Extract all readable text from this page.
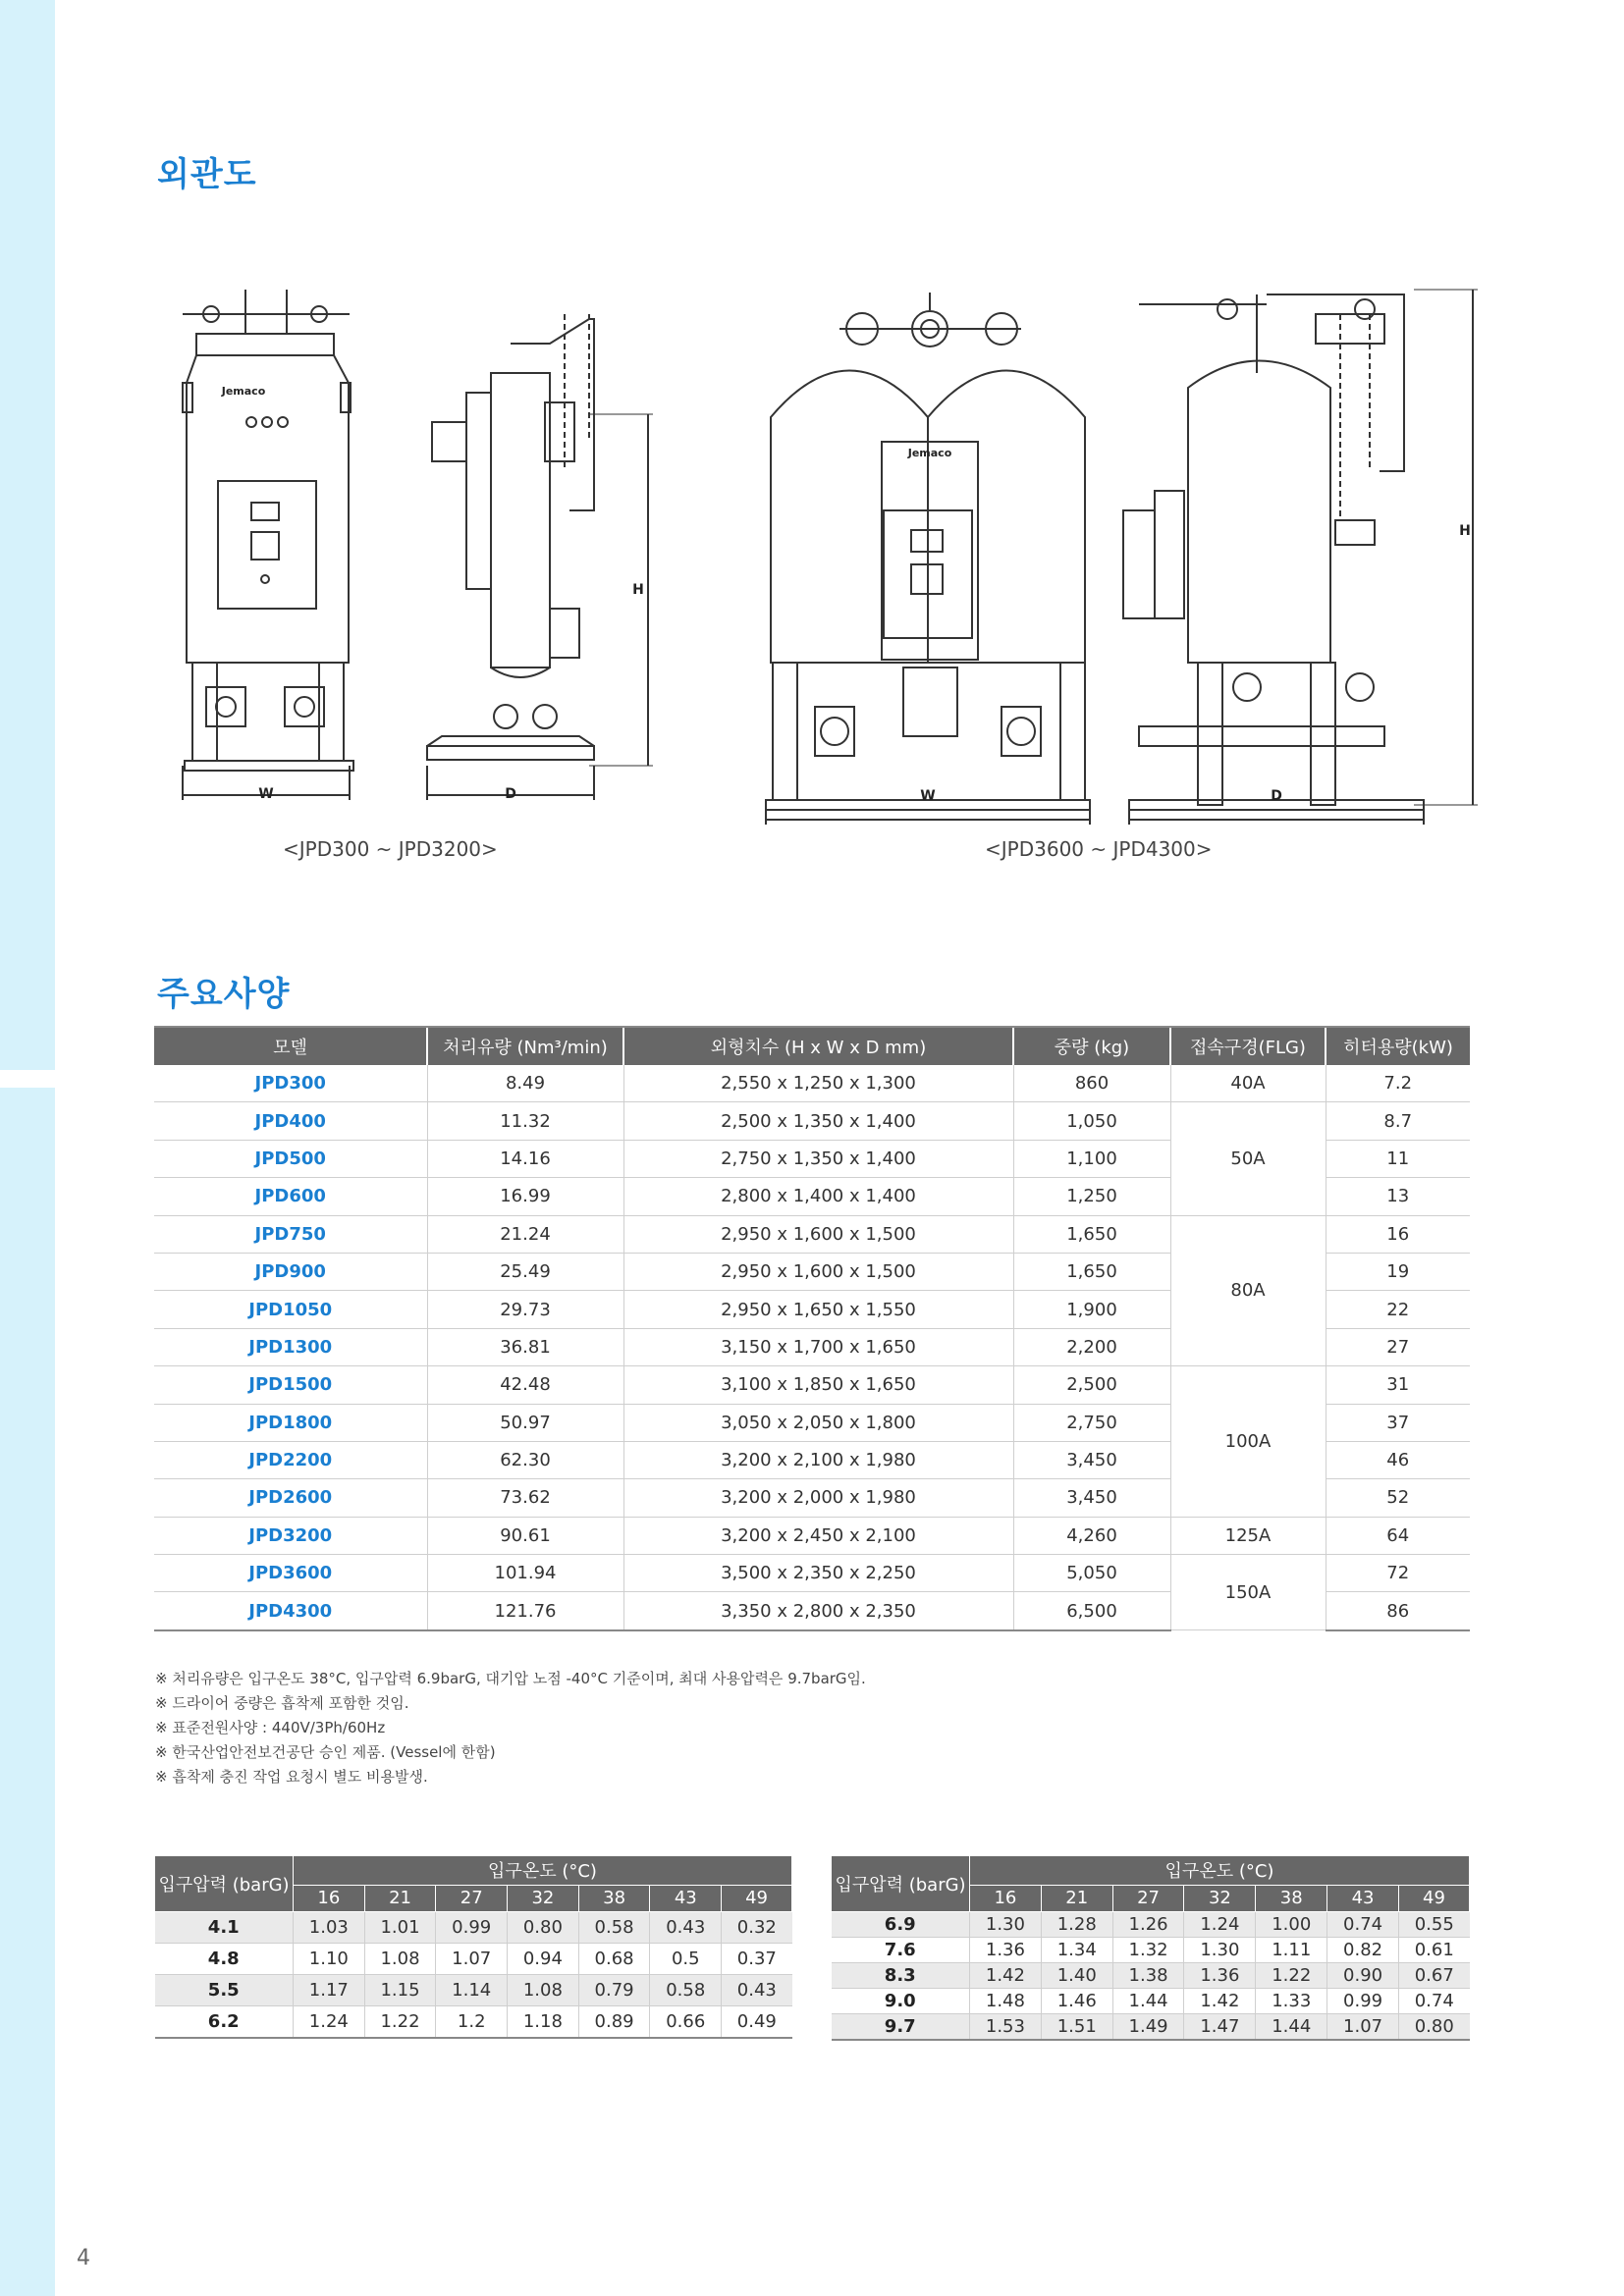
외관도
Jemaco
Jemaco
W	D
H
W	D
H
<JPD300 ~ JPD3200>	<JPD3600 ~ JPD4300>
주요사양
모델	처리유량 (Nm³/min)	외형치수 (H x W x D mm)	중량 (kg)	접속구경(FLG)	히터용량(kW)
JPD300	8.49	2,550 x 1,250 x 1,300	860	40A	7.2
JPD400	11.32	2,500 x 1,350 x 1,400	1,050	50A	8.7
JPD500	14.16	2,750 x 1,350 x 1,400	1,100		11
JPD600	16.99	2,800 x 1,400 x 1,400	1,250		13
JPD750	21.24	2,950 x 1,600 x 1,500	1,650	80A	16
JPD900	25.49	2,950 x 1,600 x 1,500	1,650		19
JPD1050	29.73	2,950 x 1,650 x 1,550	1,900		22
JPD1300	36.81	3,150 x 1,700 x 1,650	2,200		27
JPD1500	42.48	3,100 x 1,850 x 1,650	2,500	100A	31
JPD1800	50.97	3,050 x 2,050 x 1,800	2,750		37
JPD2200	62.30	3,200 x 2,100 x 1,980	3,450		46
JPD2600	73.62	3,200 x 2,000 x 1,980	3,450		52
JPD3200	90.61	3,200 x 2,450 x 2,100	4,260	125A	64
JPD3600	101.94	3,500 x 2,350 x 2,250	5,050	150A	72
JPD4300	121.76	3,350 x 2,800 x 2,350	6,500		86
※ 처리유량은 입구온도 38°C, 입구압력 6.9barG, 대기압 노점 -40°C 기준이며, 최대 사용압력은 9.7barG임.
※ 드라이어 중량은 흡착제 포함한 것임.
※ 표준전원사양 : 440V/3Ph/60Hz
※ 한국산업안전보건공단 승인 제품. (Vessel에 한함)
※ 흡착제 충진 작업 요청시 별도 비용발생.
입구압력 (barG)	입구온도 (°C)						
	16	21	27	32	38	43	49
4.1	1.03	1.01	0.99	0.80	0.58	0.43	0.32
4.8	1.10	1.08	1.07	0.94	0.68	0.5	0.37
5.5	1.17	1.15	1.14	1.08	0.79	0.58	0.43
6.2	1.24	1.22	1.2	1.18	0.89	0.66	0.49
입구압력 (barG)	입구온도 (°C)						
	16	21	27	32	38	43	49
6.9	1.30	1.28	1.26	1.24	1.00	0.74	0.55
7.6	1.36	1.34	1.32	1.30	1.11	0.82	0.61
8.3	1.42	1.40	1.38	1.36	1.22	0.90	0.67
9.0	1.48	1.46	1.44	1.42	1.33	0.99	0.74
9.7	1.53	1.51	1.49	1.47	1.44	1.07	0.80
4
